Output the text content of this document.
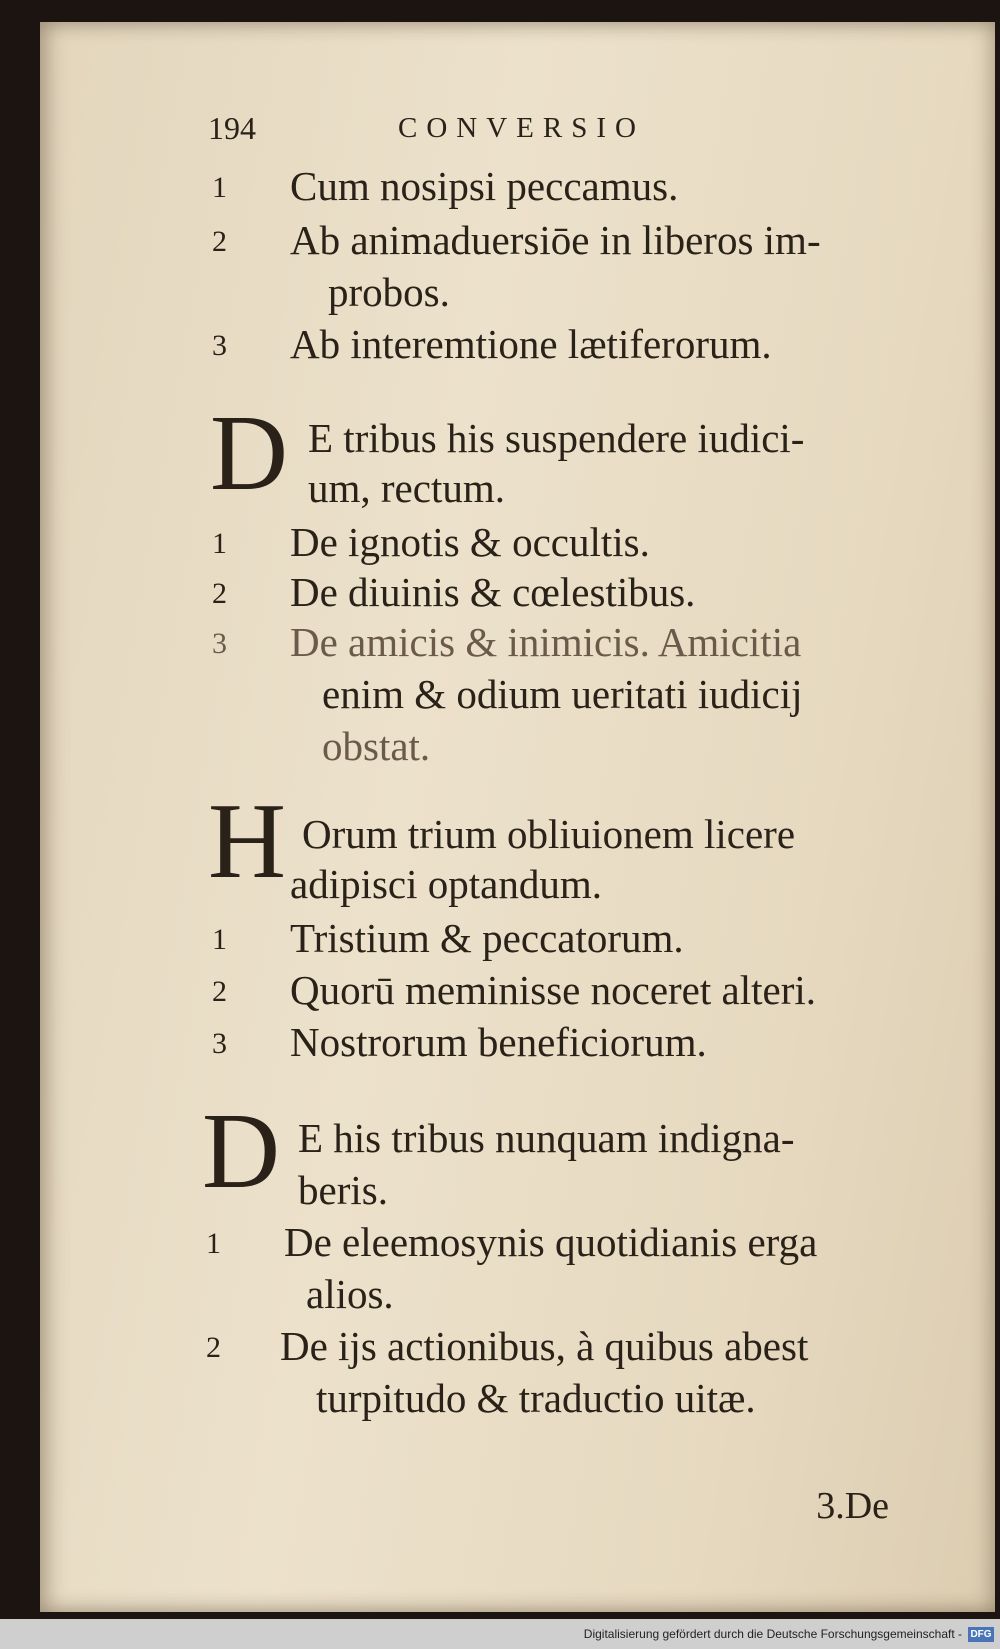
194	CONVERSIO
1 Cum nosipsi peccamus.
2 Ab animaduersiōe in liberos im-
probos.
3 Ab interemtione lætiferorum.
D E tribus his suspendere iudici-
um, rectum.
1 De ignotis & occultis.
2 De diuinis & cœlestibus.
3 De amicis & inimicis. Amicitia
enim & odium ueritati iudicij
obstat.
H Orum trium obliuionem licere
adipisci optandum.
1 Tristium & peccatorum.
2 Quorū meminisse noceret alteri.
3 Nostrorum beneficiorum.
D E his tribus nunquam indigna-
beris.
1 De eleemosynis quotidianis erga
alios.
2 De ijs actionibus, à quibus abest
turpitudo & traductio uitæ.
3.De
Digitalisierung gefördert durch die Deutsche Forschungsgemeinschaft - DFG
